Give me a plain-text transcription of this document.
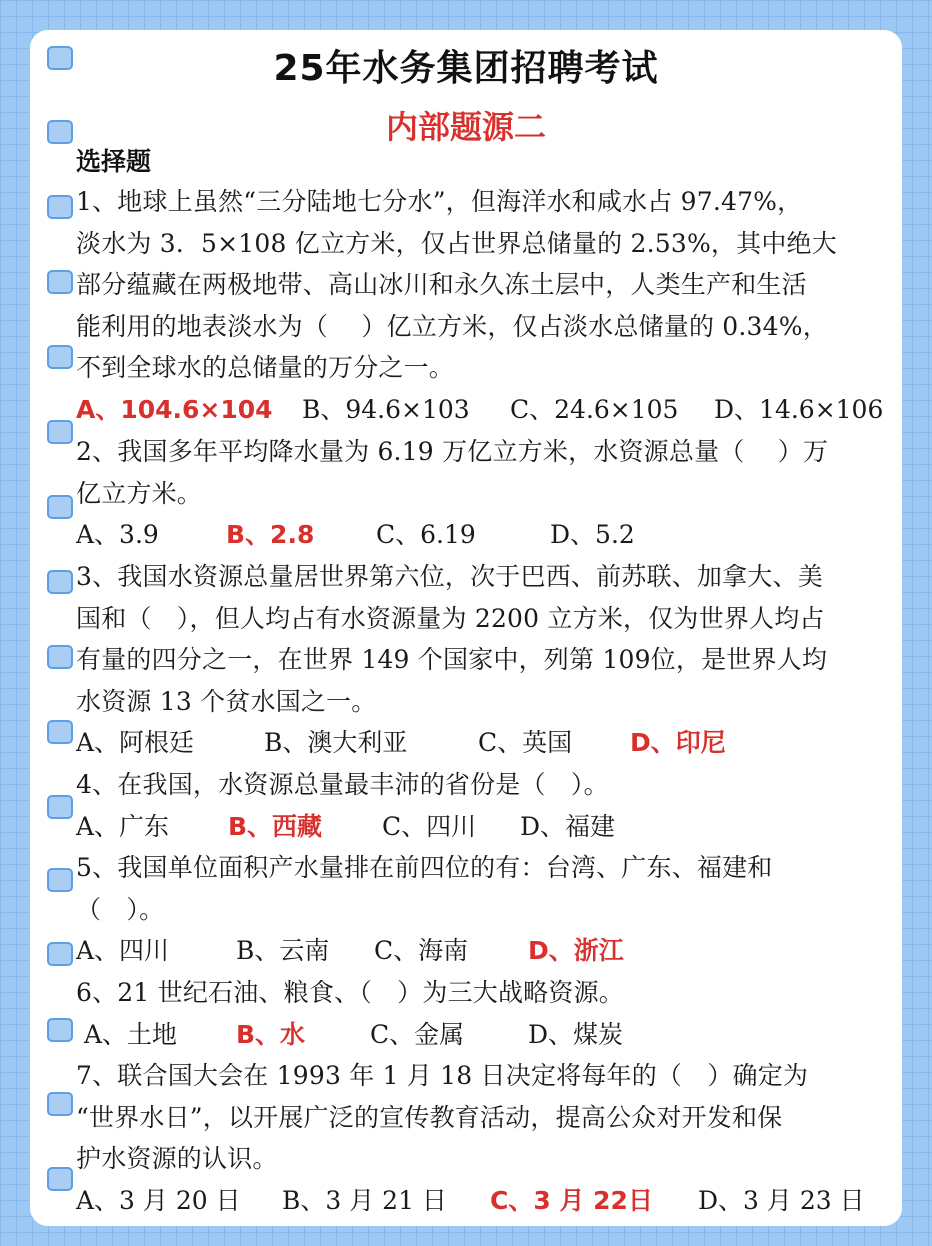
25年水务集团招聘考试
内部题源二
选择题
1、地球上虽然“三分陆地七分水”，但海洋水和咸水占 97.47%，
淡水为 3．5×108 亿立方米，仅占世界总储量的 2.53%，其中绝大
部分蕴藏在两极地带、高山冰川和永久冻土层中，人类生产和生活
能利用的地表淡水为（　 ）亿立方米，仅占淡水总储量的 0.34%，
不到全球水的总储量的万分之一。
A、104.6×104 B、94.6×103 C、24.6×105 D、14.6×106
2、我国多年平均降水量为 6.19 万亿立方米，水资源总量（　 ）万
亿立方米。
A、3.9	B、2.8 C、6.19	D、5.2
3、我国水资源总量居世界第六位，次于巴西、前苏联、加拿大、美
国和（　），但人均占有水资源量为 2200 立方米，仅为世界人均占
有量的四分之一，在世界 149 个国家中，列第 109位，是世界人均
水资源 13 个贫水国之一。
A、阿根廷	B、澳大利亚	C、英国 D、印尼
4、在我国，水资源总量最丰沛的省份是（　）。
A、广东 B、西藏 C、四川 D、福建
5、我国单位面积产水量排在前四位的有：台湾、广东、福建和
（　）。
A、四川	B、云南 C、海南 D、浙江
6、21 世纪石油、粮食、（　）为三大战略资源。
A、土地 B、水	C、金属	D、煤炭
7、联合国大会在 1993 年 1 月 18 日决定将每年的（　）确定为
“世界水日”，以开展广泛的宣传教育活动，提高公众对开发和保
护水资源的认识。
A、3 月 20 日 B、3 月 21 日 C、3 月 22日 D、3 月 23 日
